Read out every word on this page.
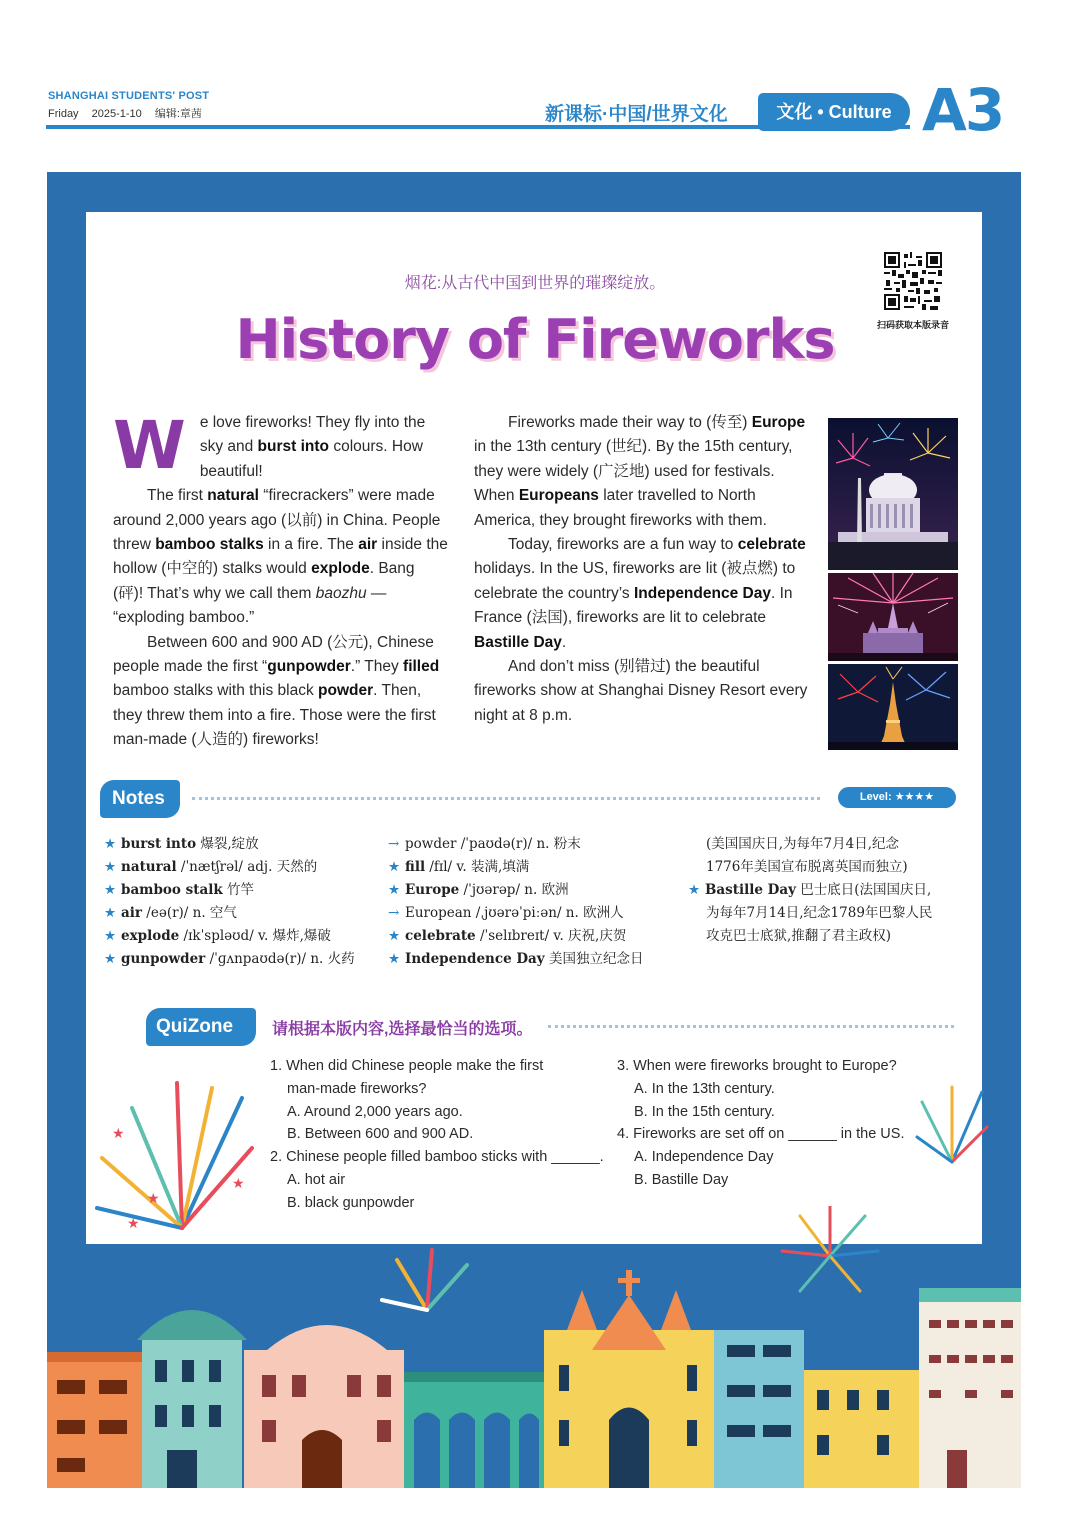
SHANGHAI STUDENTS' POST
Friday 2025-1-10 编辑:章茜	新课标·中国/世界文化	文化 • Culture A3
烟花:从古代中国到世界的璀璨绽放。
History of Fireworks	扫码获取本版录音

We love fireworks! They fly into the sky and burst into colours. How beautiful!

The first natural “firecrackers” were made around 2,000 years ago (以前) in China. People threw bamboo stalks in a fire. The air inside the hollow (中空的) stalks would explode. Bang (砰)! That’s why we call them baozhu — “exploding bamboo.”

Between 600 and 900 AD (公元), Chinese people made the first “gunpowder.” They filled bamboo stalks with this black powder. Then, they threw them into a fire. Those were the first man-made (人造的) fireworks!

Fireworks made their way to (传至) Europe in the 13th century (世纪). By the 15th century, they were widely (广泛地) used for festivals. When Europeans later travelled to North America, they brought fireworks with them.

Today, fireworks are a fun way to celebrate holidays. In the US, fireworks are lit (被点燃) to celebrate the country’s Independence Day. In France (法国), fireworks are lit to celebrate Bastille Day.

And don’t miss (别错过) the beautiful fireworks show at Shanghai Disney Resort every night at 8 p.m.

Notes	Level: ★★★★
★ burst into 爆裂,绽放
★ natural /ˈnætʃrəl/ adj. 天然的
★ bamboo stalk 竹竿
★ air /eə(r)/ n. 空气
★ explode /ɪkˈspləʊd/ v. 爆炸,爆破
★ gunpowder /ˈɡʌnpaʊdə(r)/ n. 火药
→ powder /ˈpaʊdə(r)/ n. 粉末
★ fill /fɪl/ v. 装满,填满
★ Europe /ˈjʊərəp/ n. 欧洲
→ European /ˌjʊərəˈpiːən/ n. 欧洲人
★ celebrate /ˈselɪbreɪt/ v. 庆祝,庆贺
★ Independence Day 美国独立纪念日
(美国国庆日,为每年7月4日,纪念
1776年美国宣布脱离英国而独立)
★ Bastille Day 巴士底日(法国国庆日,
为每年7月14日,纪念1789年巴黎人民
攻克巴士底狱,推翻了君主政权)
QuiZone	请根据本版内容,选择最恰当的选项。
1. When did Chinese people make the first
man-made fireworks?
A. Around 2,000 years ago.
B. Between 600 and 900 AD.
2. Chinese people filled bamboo sticks with ______.
A. hot air
B. black gunpowder
3. When were fireworks brought to Europe?
A. In the 13th century.
B. In the 15th century.
4. Fireworks are set off on ______ in the US.
A. Independence Day
B. Bastille Day
★
★
★
★
